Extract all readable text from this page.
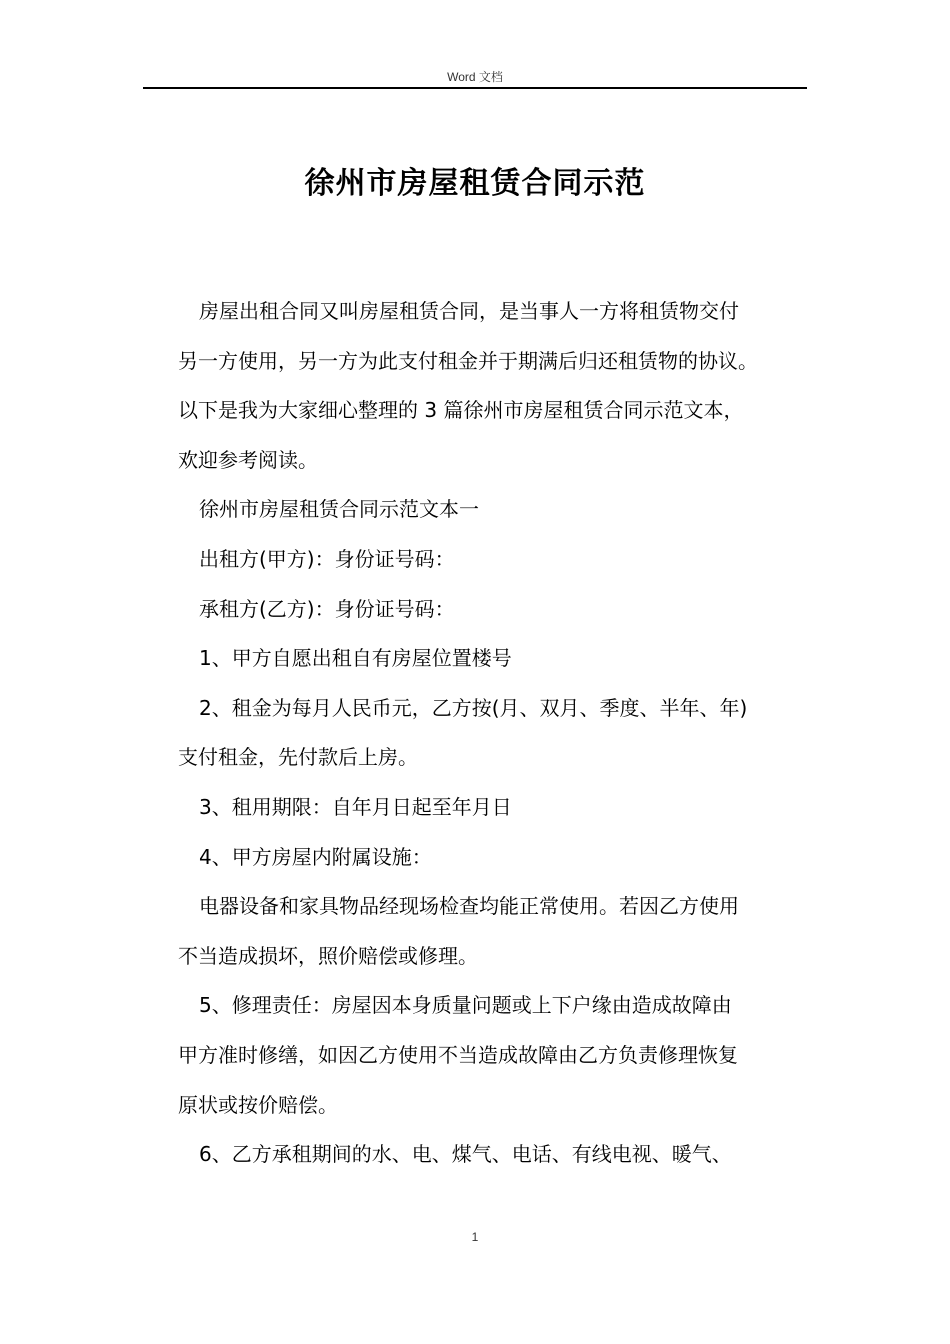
Word 文档
徐州市房屋租赁合同示范
房屋出租合同又叫房屋租赁合同，是当事人一方将租赁物交付
另一方使用，另一方为此支付租金并于期满后归还租赁物的协议。
以下是我为大家细心整理的 3 篇徐州市房屋租赁合同示范文本，
欢迎参考阅读。
徐州市房屋租赁合同示范文本一
出租方(甲方)：身份证号码：
承租方(乙方)：身份证号码：
1、甲方自愿出租自有房屋位置楼号
2、租金为每月人民币元，乙方按(月、双月、季度、半年、年)
支付租金，先付款后上房。
3、租用期限：自年月日起至年月日
4、甲方房屋内附属设施：
电器设备和家具物品经现场检查均能正常使用。若因乙方使用
不当造成损坏，照价赔偿或修理。
5、修理责任：房屋因本身质量问题或上下户缘由造成故障由
甲方准时修缮，如因乙方使用不当造成故障由乙方负责修理恢复
原状或按价赔偿。
6、乙方承租期间的水、电、煤气、电话、有线电视、暖气、
1
